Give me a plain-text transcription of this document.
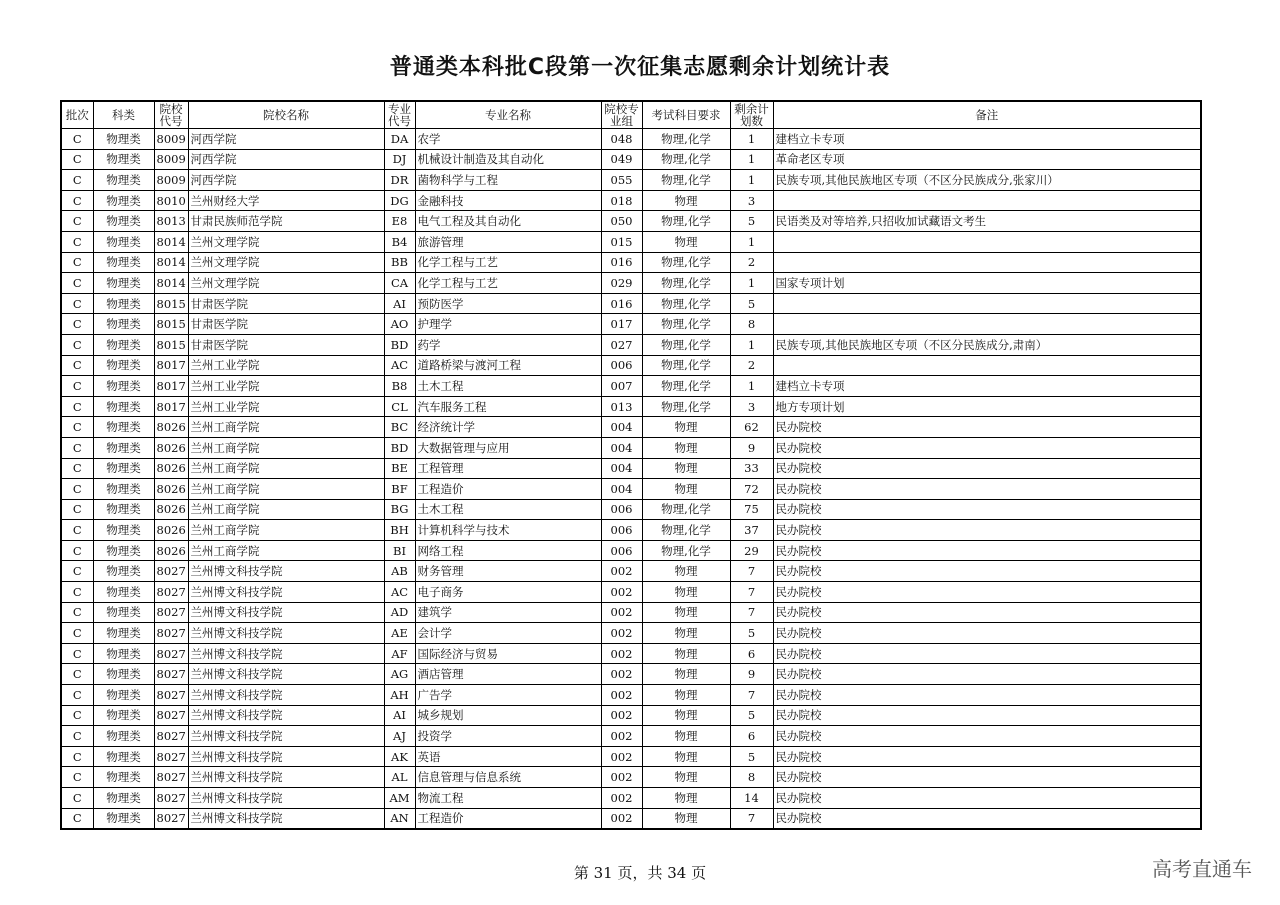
普通类本科批C段第一次征集志愿剩余计划统计表
批次	科类	院校代号	院校名称	专业代号	专业名称	院校专业组	考试科目要求	剩余计划数	备注
C	物理类	8009	河西学院	DA	农学	048	物理,化学	1	建档立卡专项
C	物理类	8009	河西学院	DJ	机械设计制造及其自动化	049	物理,化学	1	革命老区专项
C	物理类	8009	河西学院	DR	菌物科学与工程	055	物理,化学	1	民族专项,其他民族地区专项（不区分民族成分,张家川）
C	物理类	8010	兰州财经大学	DG	金融科技	018	物理	3	
C	物理类	8013	甘肃民族师范学院	E8	电气工程及其自动化	050	物理,化学	5	民语类及对等培养,只招收加试藏语文考生
C	物理类	8014	兰州文理学院	B4	旅游管理	015	物理	1	
C	物理类	8014	兰州文理学院	BB	化学工程与工艺	016	物理,化学	2	
C	物理类	8014	兰州文理学院	CA	化学工程与工艺	029	物理,化学	1	国家专项计划
C	物理类	8015	甘肃医学院	AI	预防医学	016	物理,化学	5	
C	物理类	8015	甘肃医学院	AO	护理学	017	物理,化学	8	
C	物理类	8015	甘肃医学院	BD	药学	027	物理,化学	1	民族专项,其他民族地区专项（不区分民族成分,肃南）
C	物理类	8017	兰州工业学院	AC	道路桥梁与渡河工程	006	物理,化学	2	
C	物理类	8017	兰州工业学院	B8	土木工程	007	物理,化学	1	建档立卡专项
C	物理类	8017	兰州工业学院	CL	汽车服务工程	013	物理,化学	3	地方专项计划
C	物理类	8026	兰州工商学院	BC	经济统计学	004	物理	62	民办院校
C	物理类	8026	兰州工商学院	BD	大数据管理与应用	004	物理	9	民办院校
C	物理类	8026	兰州工商学院	BE	工程管理	004	物理	33	民办院校
C	物理类	8026	兰州工商学院	BF	工程造价	004	物理	72	民办院校
C	物理类	8026	兰州工商学院	BG	土木工程	006	物理,化学	75	民办院校
C	物理类	8026	兰州工商学院	BH	计算机科学与技术	006	物理,化学	37	民办院校
C	物理类	8026	兰州工商学院	BI	网络工程	006	物理,化学	29	民办院校
C	物理类	8027	兰州博文科技学院	AB	财务管理	002	物理	7	民办院校
C	物理类	8027	兰州博文科技学院	AC	电子商务	002	物理	7	民办院校
C	物理类	8027	兰州博文科技学院	AD	建筑学	002	物理	7	民办院校
C	物理类	8027	兰州博文科技学院	AE	会计学	002	物理	5	民办院校
C	物理类	8027	兰州博文科技学院	AF	国际经济与贸易	002	物理	6	民办院校
C	物理类	8027	兰州博文科技学院	AG	酒店管理	002	物理	9	民办院校
C	物理类	8027	兰州博文科技学院	AH	广告学	002	物理	7	民办院校
C	物理类	8027	兰州博文科技学院	AI	城乡规划	002	物理	5	民办院校
C	物理类	8027	兰州博文科技学院	AJ	投资学	002	物理	6	民办院校
C	物理类	8027	兰州博文科技学院	AK	英语	002	物理	5	民办院校
C	物理类	8027	兰州博文科技学院	AL	信息管理与信息系统	002	物理	8	民办院校
C	物理类	8027	兰州博文科技学院	AM	物流工程	002	物理	14	民办院校
C	物理类	8027	兰州博文科技学院	AN	工程造价	002	物理	7	民办院校
第 31 页，共 34 页	高考直通车
